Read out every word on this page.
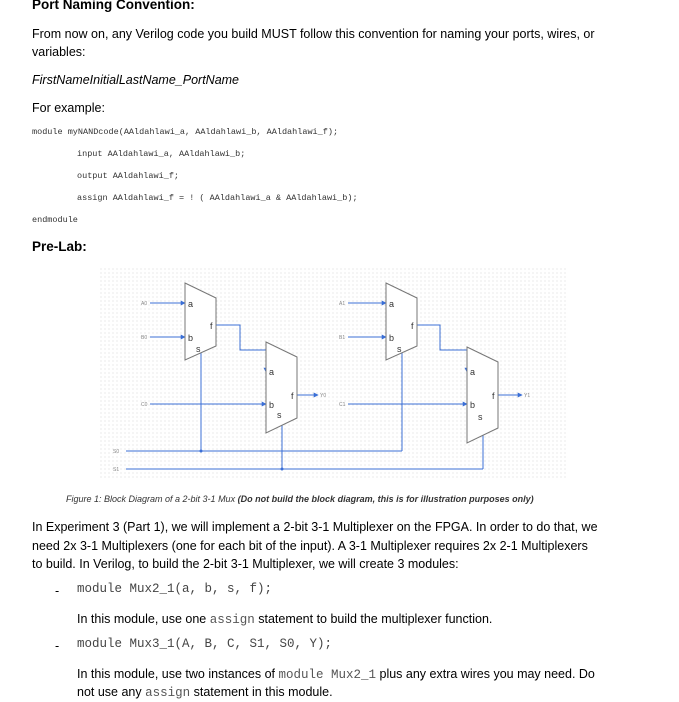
Port Naming Convention:
From now on, any Verilog code you build MUST follow this convention for naming your ports, wires, or
variables:
FirstNameInitialLastName_PortName
For example:
module myNANDcode(AAldahlawi_a, AAldahlawi_b, AAldahlawi_f);
input AAldahlawi_a, AAldahlawi_b;
output AAldahlawi_f;
assign AAldahlawi_f = ! ( AAldahlawi_a & AAldahlawi_b);
endmodule
Pre-Lab:
a
b
f
s
a
b
f
s
a
b
f
s
a
b
f
s
A0
B0
C0
A1
B1
C1
Y0	Y1
S0
S1
Figure 1: Block Diagram of a 2-bit 3-1 Mux (Do not build the block diagram, this is for illustration purposes only)
In Experiment 3 (Part 1), we will implement a 2-bit 3-1 Multiplexer on the FPGA. In order to do that, we
need 2x 3-1 Multiplexers (one for each bit of the input). A 3-1 Multiplexer requires 2x 2-1 Multiplexers
to build. In Verilog, to build the 2-bit 3-1 Multiplexer, we will create 3 modules:
- module Mux2_1(a, b, s, f);
In this module, use one assign statement to build the multiplexer function.
- module Mux3_1(A, B, C, S1, S0, Y);
In this module, use two instances of module Mux2_1 plus any extra wires you may need. Do
not use any assign statement in this module.
